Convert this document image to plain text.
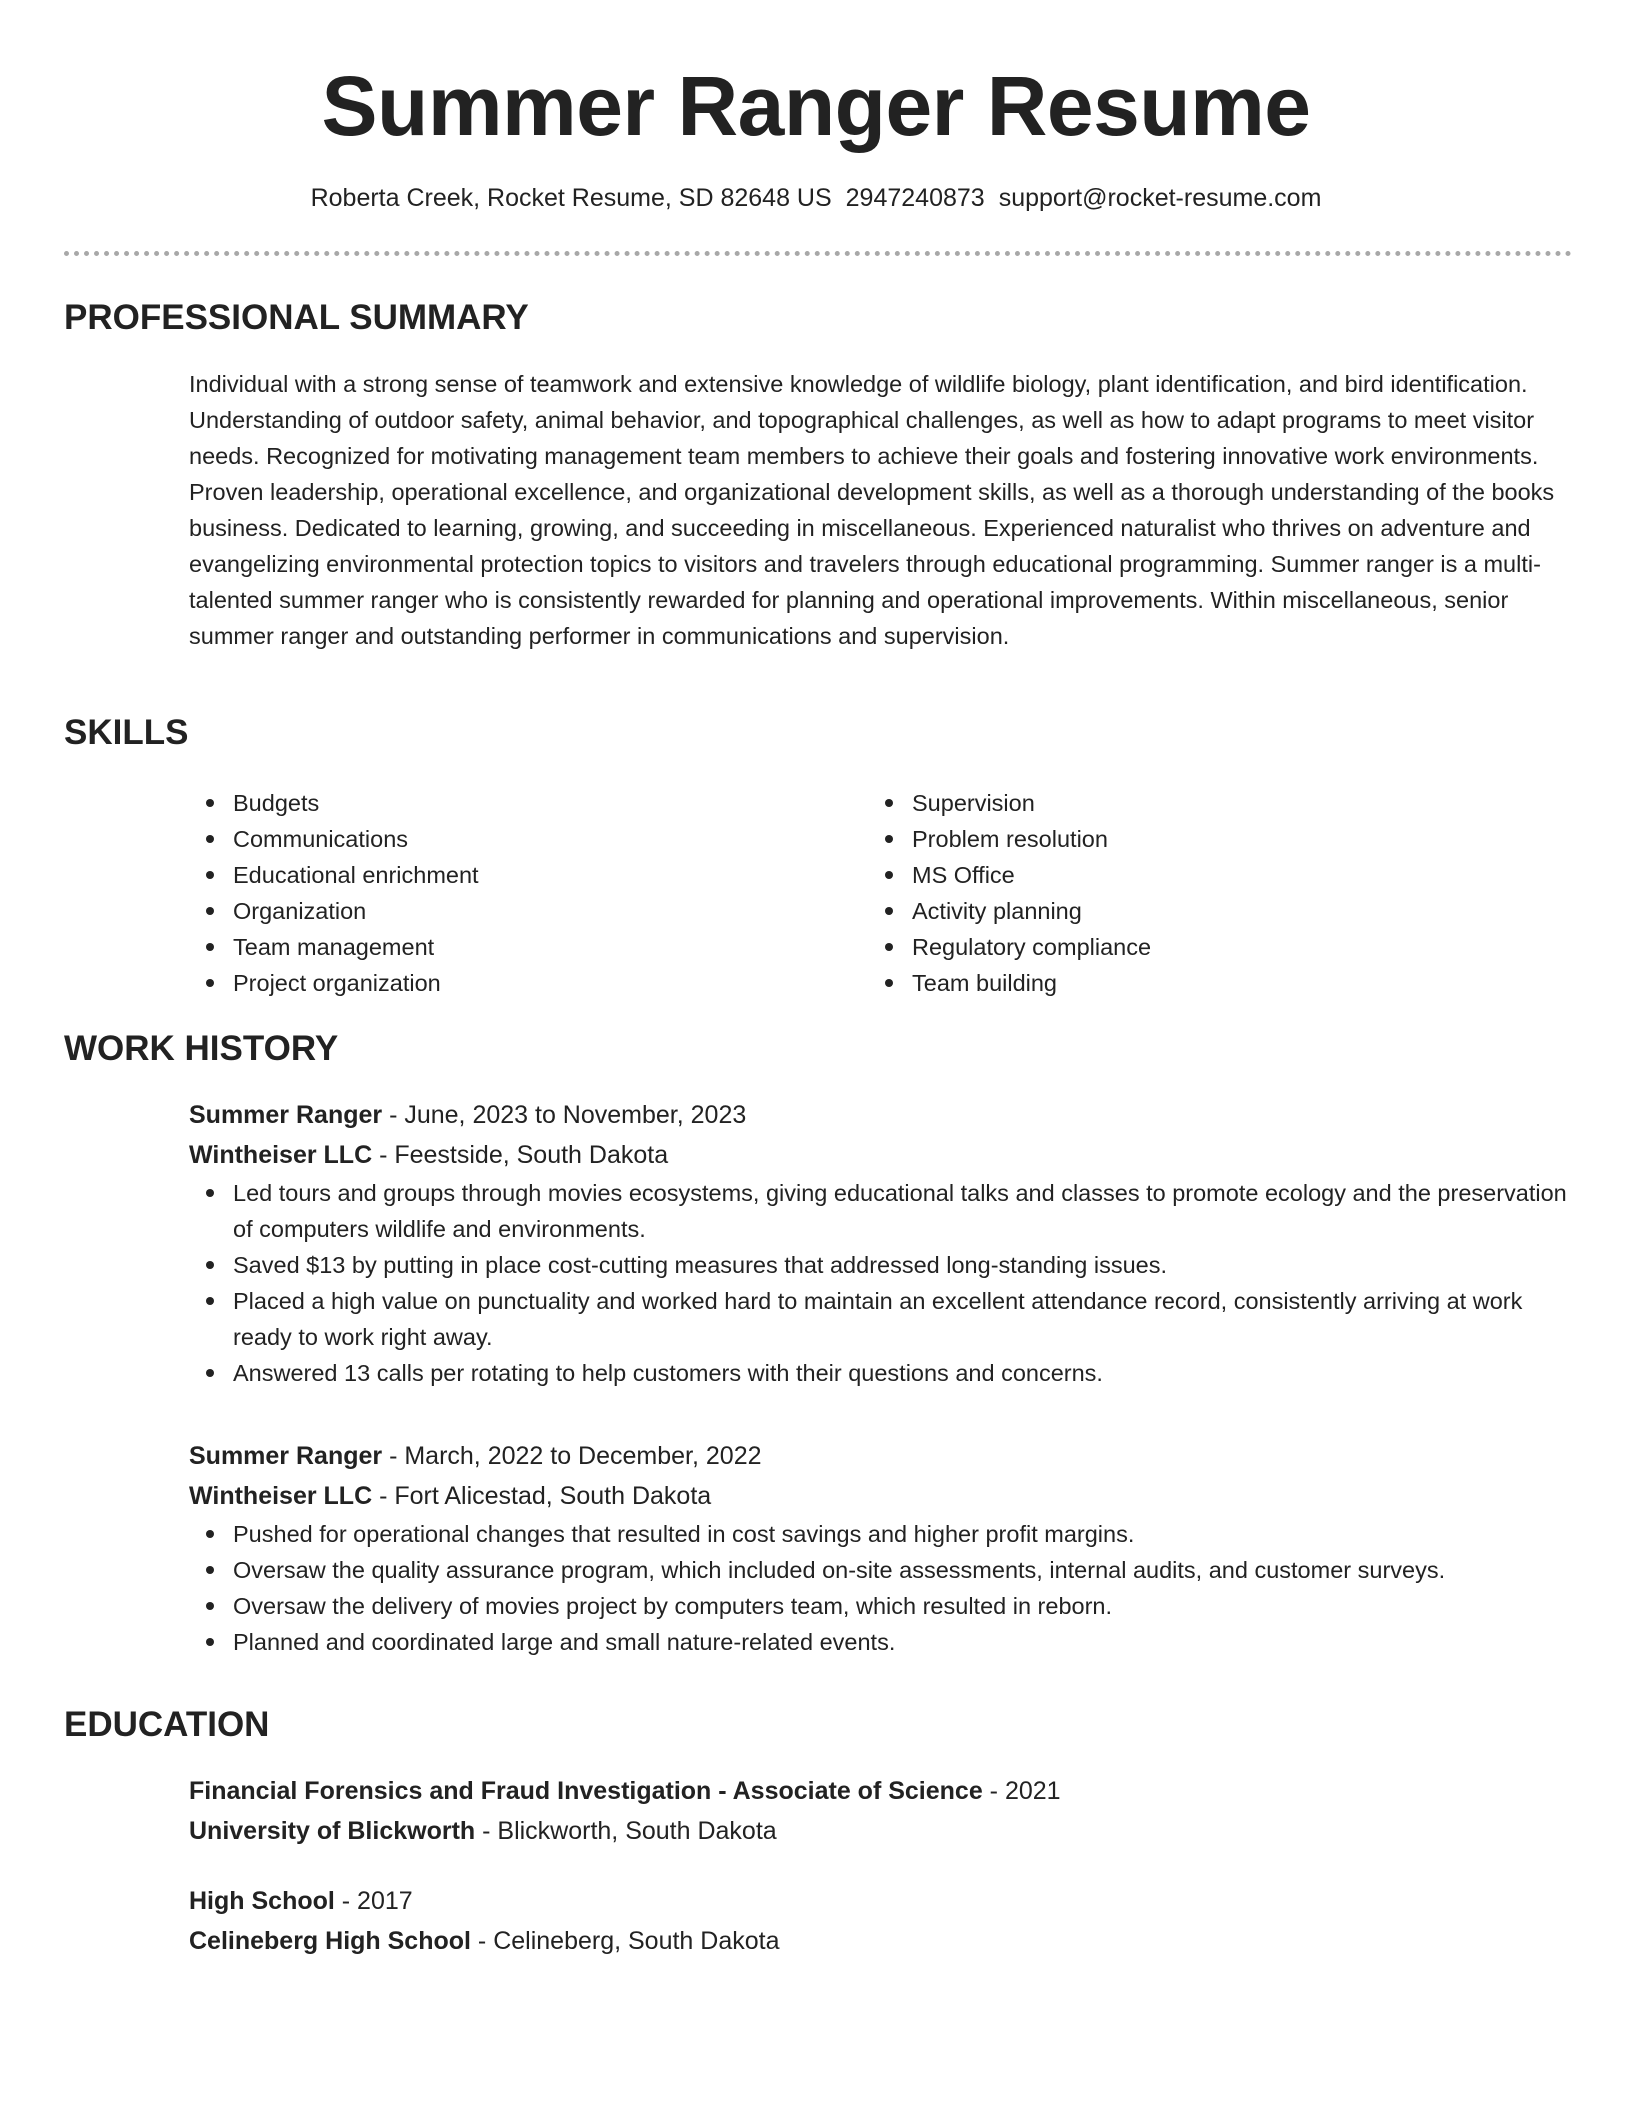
Summer Ranger Resume
Roberta Creek, Rocket Resume, SD 82648 US 2947240873 support@rocket-resume.com
PROFESSIONAL SUMMARY
Individual with a strong sense of teamwork and extensive knowledge of wildlife biology, plant identification, and bird identification. Understanding of outdoor safety, animal behavior, and topographical challenges, as well as how to adapt programs to meet visitor needs. Recognized for motivating management team members to achieve their goals and fostering innovative work environments. Proven leadership, operational excellence, and organizational development skills, as well as a thorough understanding of the books business. Dedicated to learning, growing, and succeeding in miscellaneous. Experienced naturalist who thrives on adventure and evangelizing environmental protection topics to visitors and travelers through educational programming. Summer ranger is a multi-talented summer ranger who is consistently rewarded for planning and operational improvements. Within miscellaneous, senior summer ranger and outstanding performer in communications and supervision.
SKILLS
Budgets
Communications
Educational enrichment
Organization
Team management
Project organization
Supervision
Problem resolution
MS Office
Activity planning
Regulatory compliance
Team building
WORK HISTORY
Summer Ranger - June, 2023 to November, 2023
Wintheiser LLC - Feestside, South Dakota
Led tours and groups through movies ecosystems, giving educational talks and classes to promote ecology and the preservation of computers wildlife and environments.
Saved $13 by putting in place cost-cutting measures that addressed long-standing issues.
Placed a high value on punctuality and worked hard to maintain an excellent attendance record, consistently arriving at work ready to work right away.
Answered 13 calls per rotating to help customers with their questions and concerns.
Summer Ranger - March, 2022 to December, 2022
Wintheiser LLC - Fort Alicestad, South Dakota
Pushed for operational changes that resulted in cost savings and higher profit margins.
Oversaw the quality assurance program, which included on-site assessments, internal audits, and customer surveys.
Oversaw the delivery of movies project by computers team, which resulted in reborn.
Planned and coordinated large and small nature-related events.
EDUCATION
Financial Forensics and Fraud Investigation - Associate of Science - 2021
University of Blickworth - Blickworth, South Dakota
High School - 2017
Celineberg High School - Celineberg, South Dakota
